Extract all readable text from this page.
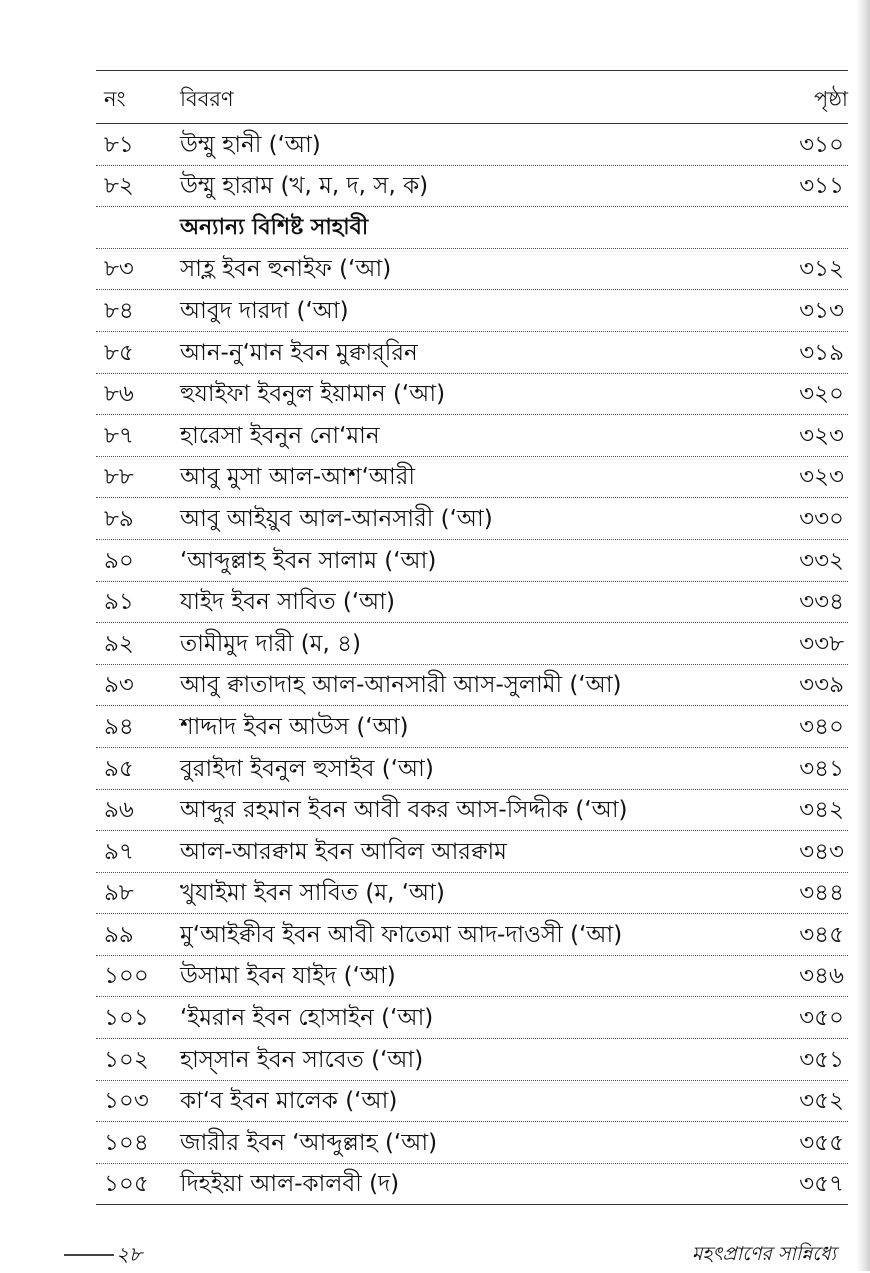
নং	বিবরণ	পৃষ্ঠা
৮১ উম্মু হানী (‘আ)	৩১০
৮২ উম্মু হারাম (খ, ম, দ, স, ক)	৩১১
অন্যান্য বিশিষ্ট সাহাবী
৮৩ সাহ্ল ইবন হুনাইফ (‘আ)	৩১২
৮৪ আবুদ দারদা (‘আ)	৩১৩
৮৫ আন-নু‘মান ইবন মুক্বার্‌রিন	৩১৯
৮৬ হুযাইফা ইবনুল ইয়ামান (‘আ)	৩২০
৮৭ হারেসা ইবনুন নো‘মান	৩২৩
৮৮ আবু মুসা আল-আশ‘আরী	৩২৩
৮৯ আবু আইয়ুব আল-আনসারী (‘আ)	৩৩০
৯০ ‘আব্দুল্লাহ ইবন সালাম (‘আ)	৩৩২
৯১ যাইদ ইবন সাবিত (‘আ)	৩৩৪
৯২ তামীমুদ দারী (ম, ৪)	৩৩৮
৯৩ আবু ক্বাতাদাহ আল-আনসারী আস-সুলামী (‘আ)	৩৩৯
৯৪ শাদ্দাদ ইবন আউস (‘আ)	৩৪০
৯৫ বুরাইদা ইবনুল হুসাইব (‘আ)	৩৪১
৯৬ আব্দুর রহমান ইবন আবী বকর আস-সিদ্দীক (‘আ)	৩৪২
৯৭ আল-আরক্বাম ইবন আবিল আরক্বাম	৩৪৩
৯৮ খুযাইমা ইবন সাবিত (ম, ‘আ)	৩৪৪
৯৯ মু‘আইক্বীব ইবন আবী ফাতেমা আদ-দাওসী (‘আ)	৩৪৫
১০০ উসামা ইবন যাইদ (‘আ)	৩৪৬
১০১ ‘ইমরান ইবন হোসাইন (‘আ)	৩৫০
১০২ হাস্‌সান ইবন সাবেত (‘আ)	৩৫১
১০৩ কা‘ব ইবন মালেক (‘আ)	৩৫২
১০৪ জারীর ইবন ‘আব্দুল্লাহ (‘আ)	৩৫৫
১০৫ দিহইয়া আল-কালবী (দ)	৩৫৭
২৮	মহৎপ্রাণের সান্নিধ্যে
